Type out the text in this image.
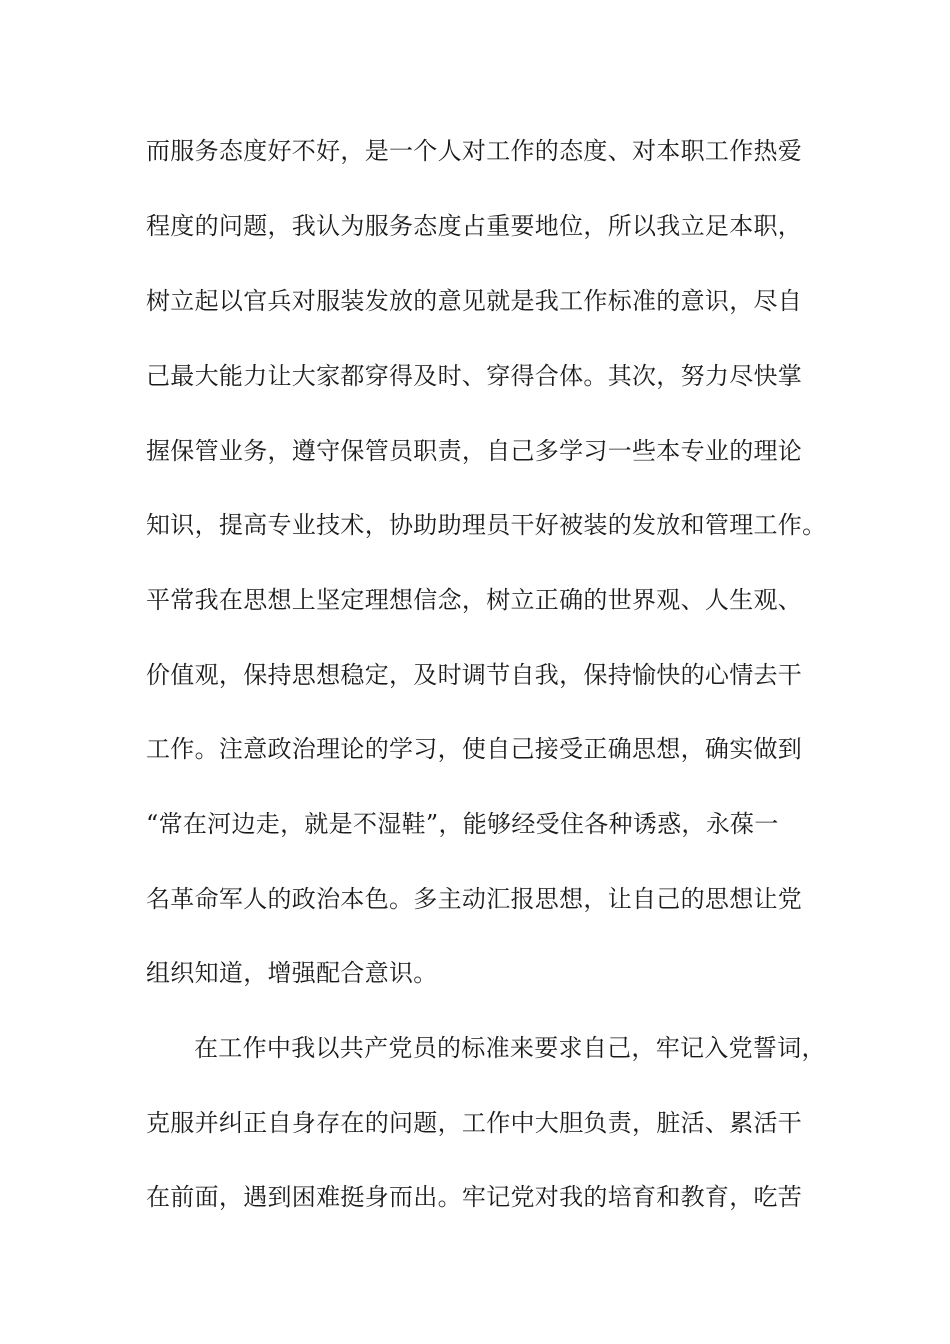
而服务态度好不好，是一个人对工作的态度、对本职工作热爱
程度的问题，我认为服务态度占重要地位，所以我立足本职，
树立起以官兵对服装发放的意见就是我工作标准的意识，尽自
己最大能力让大家都穿得及时、穿得合体。其次，努力尽快掌
握保管业务，遵守保管员职责，自己多学习一些本专业的理论
知识，提高专业技术，协助助理员干好被装的发放和管理工作。
平常我在思想上坚定理想信念，树立正确的世界观、人生观、
价值观，保持思想稳定，及时调节自我，保持愉快的心情去干
工作。注意政治理论的学习，使自己接受正确思想，确实做到
“常在河边走，就是不湿鞋”，能够经受住各种诱惑，永葆一
名革命军人的政治本色。多主动汇报思想，让自己的思想让党
组织知道，增强配合意识。
在工作中我以共产党员的标准来要求自己，牢记入党誓词，
克服并纠正自身存在的问题，工作中大胆负责，脏活、累活干
在前面，遇到困难挺身而出。牢记党对我的培育和教育，吃苦
